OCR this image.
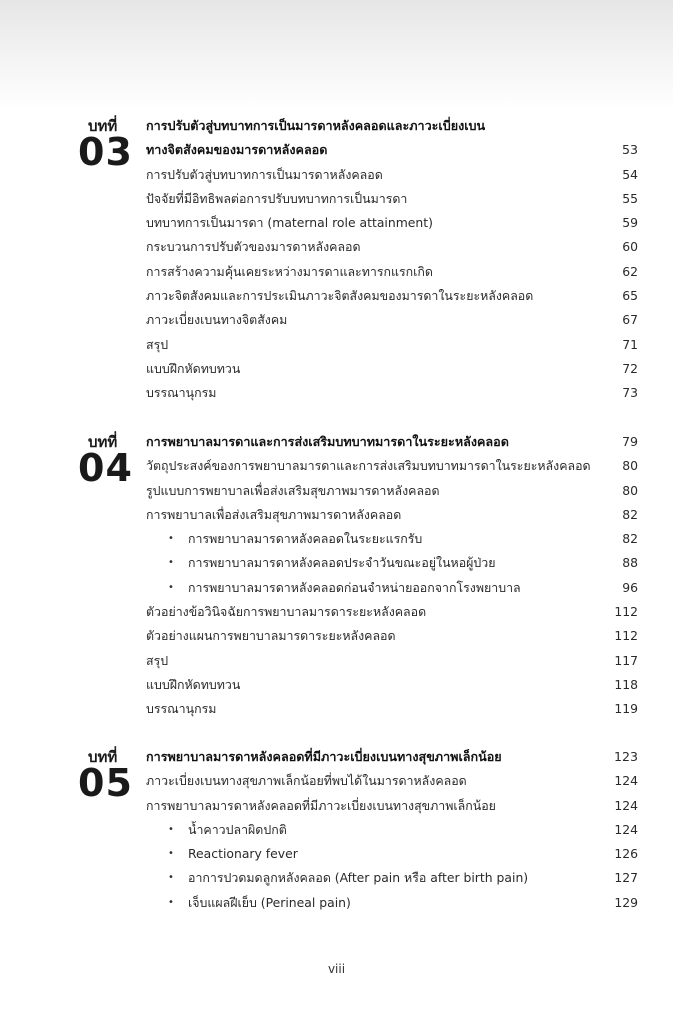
บทที่
03
การปรับตัวสู่บทบาทการเป็นมารดาหลังคลอดและภาวะเบี่ยงเบน
ทางจิตสังคมของมารดาหลังคลอด	53
การปรับตัวสู่บทบาทการเป็นมารดาหลังคลอด	54
ปัจจัยที่มีอิทธิพลต่อการปรับบทบาทการเป็นมารดา	55
บทบาทการเป็นมารดา (maternal role attainment)	59
กระบวนการปรับตัวของมารดาหลังคลอด	60
การสร้างความคุ้นเคยระหว่างมารดาและทารกแรกเกิด	62
ภาวะจิตสังคมและการประเมินภาวะจิตสังคมของมารดาในระยะหลังคลอด	65
ภาวะเบี่ยงเบนทางจิตสังคม	67
สรุป	71
แบบฝึกหัดทบทวน	72
บรรณานุกรม	73
บทที่
04
การพยาบาลมารดาและการส่งเสริมบทบาทมารดาในระยะหลังคลอด	79
วัตถุประสงค์ของการพยาบาลมารดาและการส่งเสริมบทบาทมารดาในระยะหลังคลอด	80
รูปแบบการพยาบาลเพื่อส่งเสริมสุขภาพมารดาหลังคลอด	80
การพยาบาลเพื่อส่งเสริมสุขภาพมารดาหลังคลอด	82
•	การพยาบาลมารดาหลังคลอดในระยะแรกรับ	82
•	การพยาบาลมารดาหลังคลอดประจำวันขณะอยู่ในหอผู้ป่วย	88
•	การพยาบาลมารดาหลังคลอดก่อนจำหน่ายออกจากโรงพยาบาล	96
ตัวอย่างข้อวินิจฉัยการพยาบาลมารดาระยะหลังคลอด	112
ตัวอย่างแผนการพยาบาลมารดาระยะหลังคลอด	112
สรุป	117
แบบฝึกหัดทบทวน	118
บรรณานุกรม	119
บทที่
05
การพยาบาลมารดาหลังคลอดที่มีภาวะเบี่ยงเบนทางสุขภาพเล็กน้อย	123
ภาวะเบี่ยงเบนทางสุขภาพเล็กน้อยที่พบได้ในมารดาหลังคลอด	124
การพยาบาลมารดาหลังคลอดที่มีภาวะเบี่ยงเบนทางสุขภาพเล็กน้อย	124
•	น้ำคาวปลาผิดปกติ	124
•	Reactionary fever	126
•	อาการปวดมดลูกหลังคลอด (After pain หรือ after birth pain)	127
•	เจ็บแผลฝีเย็บ (Perineal pain)	129
viii
